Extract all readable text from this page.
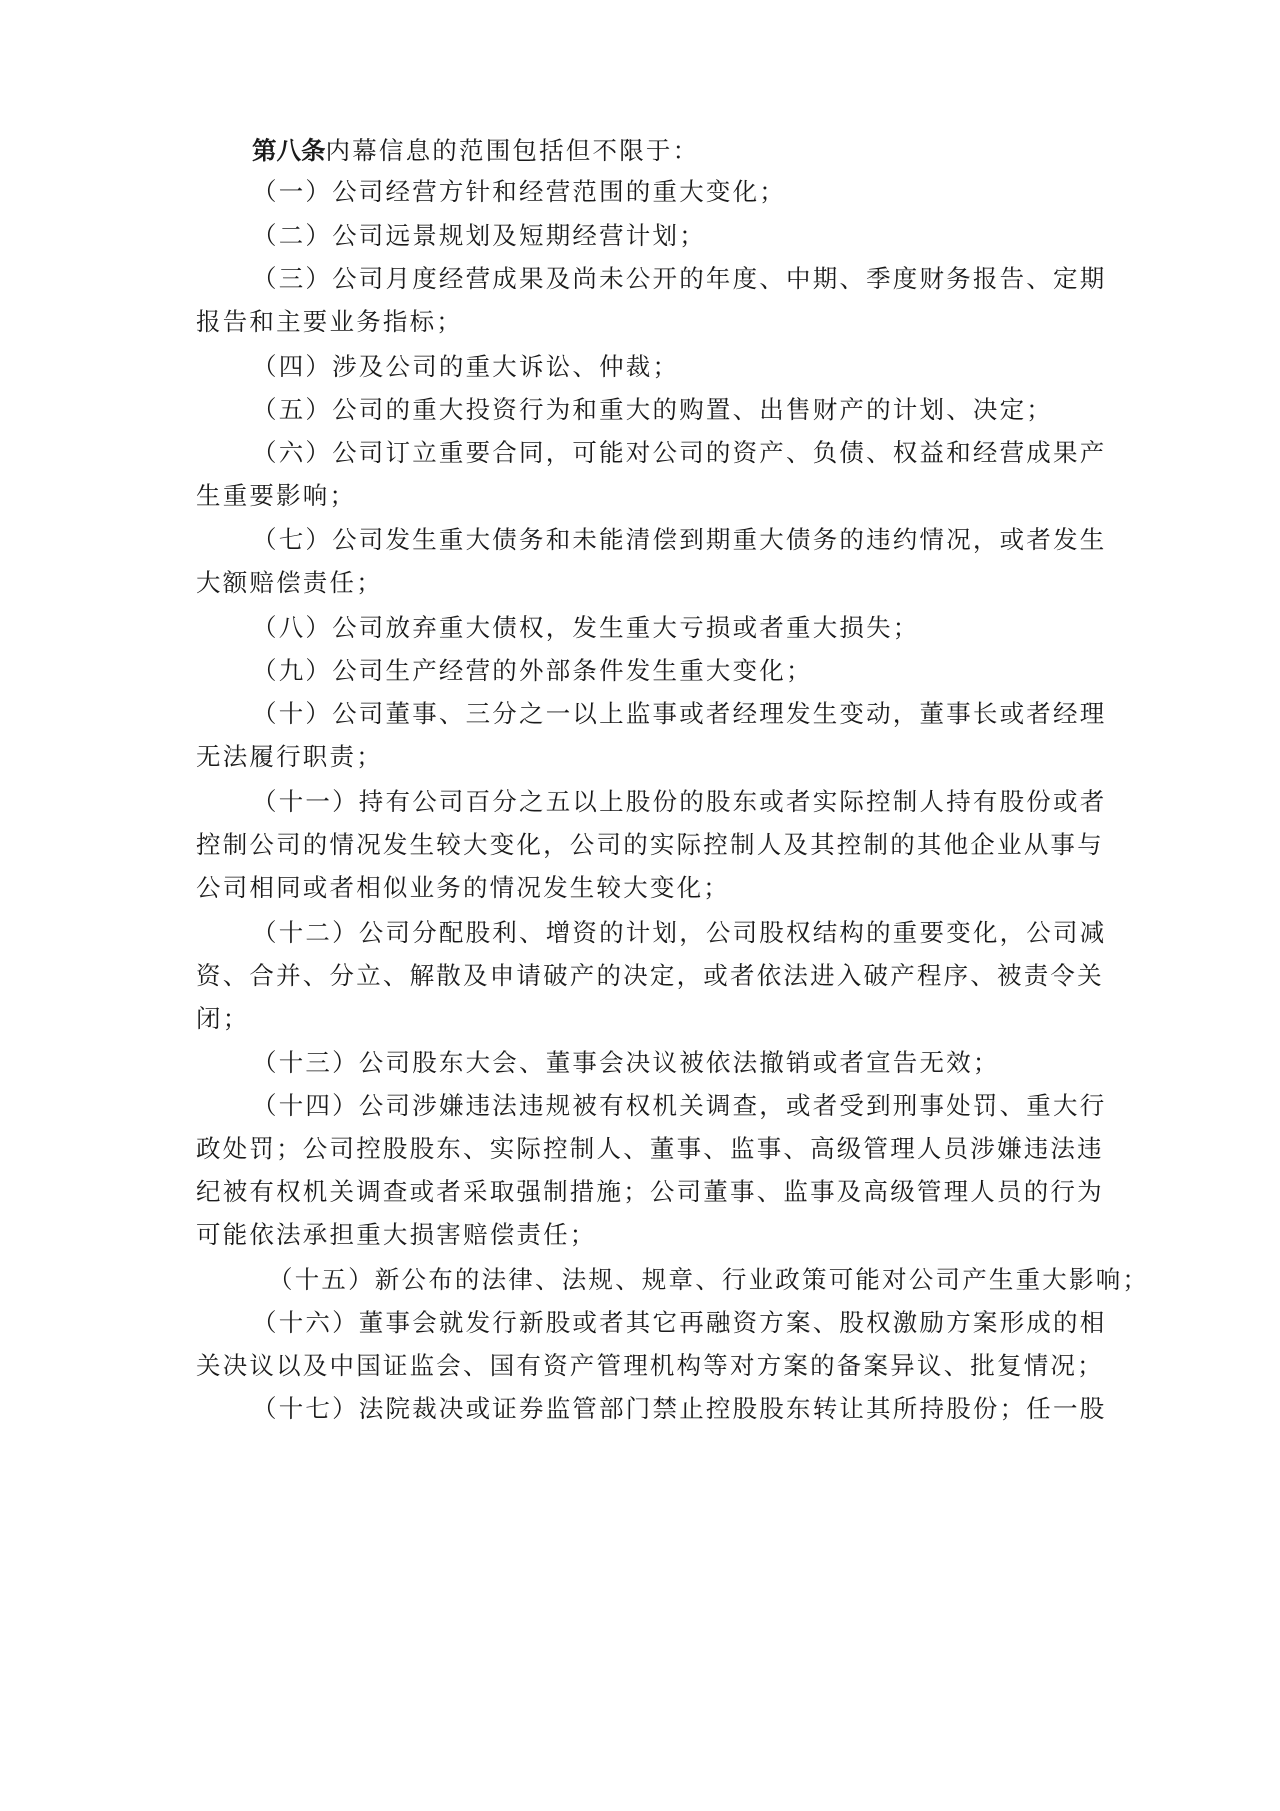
第八条内幕信息的范围包括但不限于：
（一）公司经营方针和经营范围的重大变化；
（二）公司远景规划及短期经营计划；
（三）公司月度经营成果及尚未公开的年度、中期、季度财务报告、定期
报告和主要业务指标；
（四）涉及公司的重大诉讼、仲裁；
（五）公司的重大投资行为和重大的购置、出售财产的计划、决定；
（六）公司订立重要合同，可能对公司的资产、负债、权益和经营成果产
生重要影响；
（七）公司发生重大债务和未能清偿到期重大债务的违约情况，或者发生
大额赔偿责任；
（八）公司放弃重大债权，发生重大亏损或者重大损失；
（九）公司生产经营的外部条件发生重大变化；
（十）公司董事、三分之一以上监事或者经理发生变动，董事长或者经理
无法履行职责；
（十一）持有公司百分之五以上股份的股东或者实际控制人持有股份或者
控制公司的情况发生较大变化，公司的实际控制人及其控制的其他企业从事与
公司相同或者相似业务的情况发生较大变化；
（十二）公司分配股利、增资的计划，公司股权结构的重要变化，公司减
资、合并、分立、解散及申请破产的决定，或者依法进入破产程序、被责令关
闭；
（十三）公司股东大会、董事会决议被依法撤销或者宣告无效；
（十四）公司涉嫌违法违规被有权机关调查，或者受到刑事处罚、重大行
政处罚；公司控股股东、实际控制人、董事、监事、高级管理人员涉嫌违法违
纪被有权机关调查或者采取强制措施；公司董事、监事及高级管理人员的行为
可能依法承担重大损害赔偿责任；
（十五）新公布的法律、法规、规章、行业政策可能对公司产生重大影响；
（十六）董事会就发行新股或者其它再融资方案、股权激励方案形成的相
关决议以及中国证监会、国有资产管理机构等对方案的备案异议、批复情况；
（十七）法院裁决或证券监管部门禁止控股股东转让其所持股份；任一股
